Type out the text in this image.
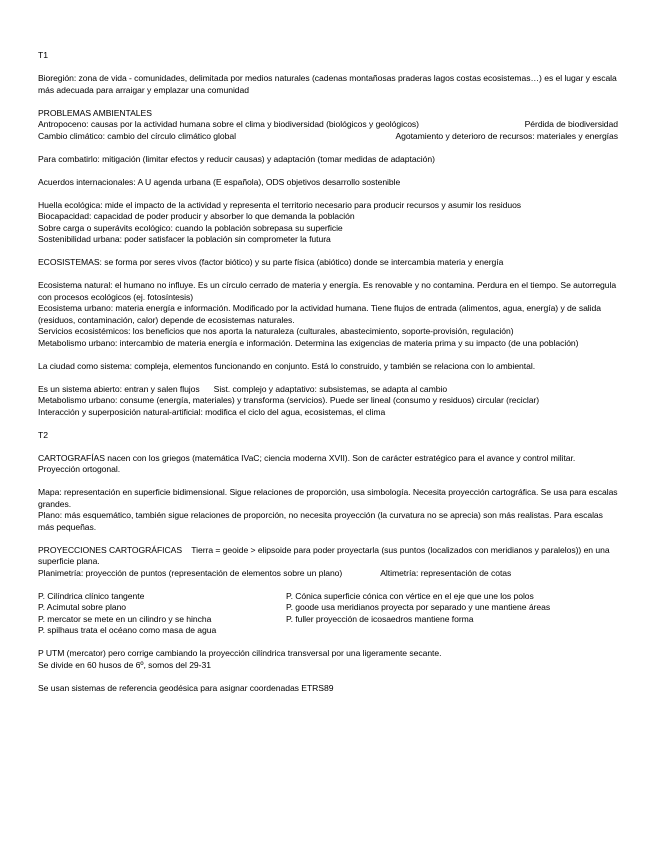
T1

Bioregión: zona de vida - comunidades, delimitada por medios naturales (cadenas montañosas praderas lagos costas ecosistemas…) es el lugar y escala más adecuada para arraigar y emplazar una comunidad

PROBLEMAS AMBIENTALES

Antropoceno: causas por la actividad humana sobre el clima y biodiversidad (biológicos y geológicos)	Pérdida de biodiversidad
Cambio climático: cambio del círculo climático global	Agotamiento y deterioro de recursos: materiales y energías

Para combatirlo: mitigación (limitar efectos y reducir causas) y adaptación (tomar medidas de adaptación)

Acuerdos internacionales: A U agenda urbana (E española), ODS objetivos desarrollo sostenible

Huella ecológica: mide el impacto de la actividad y representa el territorio necesario para producir recursos y asumir los residuos

Biocapacidad: capacidad de poder producir y absorber lo que demanda la población

Sobre carga o superávits ecológico: cuando la población sobrepasa su superficie

Sostenibilidad urbana: poder satisfacer la población sin comprometer la futura

ECOSISTEMAS: se forma por seres vivos (factor biótico) y su parte física (abiótico) donde se intercambia materia y energía

Ecosistema natural: el humano no influye. Es un círculo cerrado de materia y energía. Es renovable y no contamina. Perdura en el tiempo. Se autorregula con procesos ecológicos (ej. fotosíntesis)

Ecosistema urbano: materia energía e información. Modificado por la actividad humana. Tiene flujos de entrada (alimentos, agua, energía) y de salida (residuos, contaminación, calor) depende de ecosistemas naturales.

Servicios ecosistémicos: los beneficios que nos aporta la naturaleza (culturales, abastecimiento, soporte-provisión, regulación)

Metabolismo urbano: intercambio de materia energía e información. Determina las exigencias de materia prima y su impacto (de una población)

La ciudad como sistema: compleja, elementos funcionando en conjunto. Está lo construido, y también se relaciona con lo ambiental.

Es un sistema abierto: entran y salen flujos Sist. complejo y adaptativo: subsistemas, se adapta al cambio

Metabolismo urbano: consume (energía, materiales) y transforma (servicios). Puede ser lineal (consumo y residuos) circular (reciclar)

Interacción y superposición natural-artificial: modifica el ciclo del agua, ecosistemas, el clima

T2

CARTOGRAFÍAS nacen con los griegos (matemática IVaC; ciencia moderna XVII). Son de carácter estratégico para el avance y control militar. Proyección ortogonal.

Mapa: representación en superficie bidimensional. Sigue relaciones de proporción, usa simbología. Necesita proyección cartográfica. Se usa para escalas grandes.

Plano: más esquemático, también sigue relaciones de proporción, no necesita proyección (la curvatura no se aprecia) son más realistas. Para escalas más pequeñas.

PROYECCIONES CARTOGRÁFICAS    Tierra = geoide > elipsoide para poder proyectarla (sus puntos (localizados con meridianos y paralelos)) en una superficie plana.

Planimetría: proyección de puntos (representación de elementos sobre un plano)	Altimetría: representación de cotas
P. Cilíndrica clínico tangente	P. Cónica superficie cónica con vértice en el eje que une los polos
P. Acimutal sobre plano	P. goode usa meridianos proyecta por separado y une mantiene áreas
P. mercator se mete en un cilindro y se hincha	P. fuller proyección de icosaedros mantiene forma
P. spilhaus trata el océano como masa de agua

P UTM (mercator) pero corrige cambiando la proyección cilíndrica transversal por una ligeramente secante.

Se divide en 60 husos de 6º, somos del 29-31

Se usan sistemas de referencia geodésica para asignar coordenadas ETRS89
